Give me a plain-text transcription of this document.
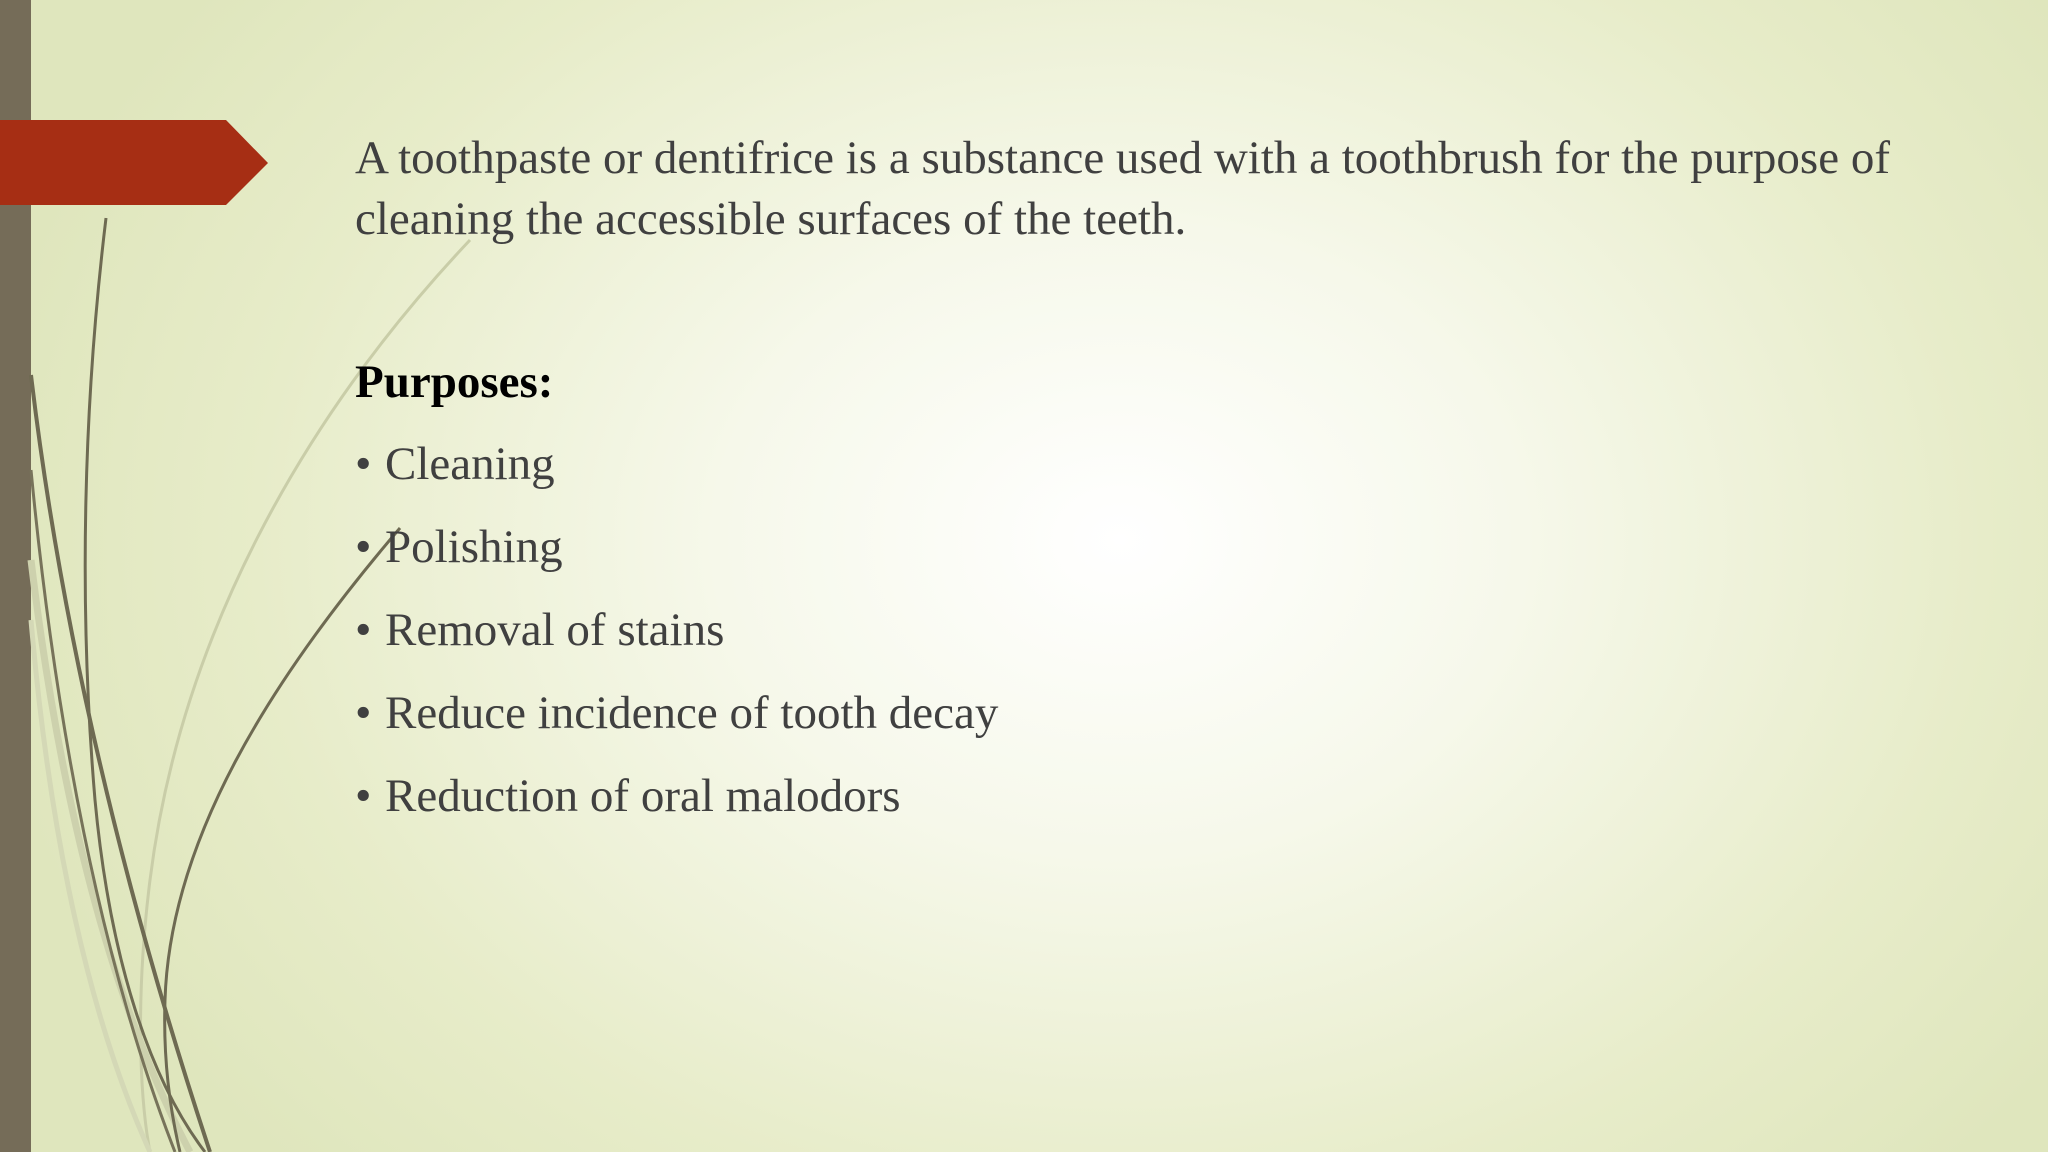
A toothpaste or dentifrice is a substance used with a toothbrush for the purpose of cleaning the accessible surfaces of the teeth.

Purposes:
• Cleaning
• Polishing
• Removal of stains
• Reduce incidence of tooth decay
• Reduction of oral malodors
